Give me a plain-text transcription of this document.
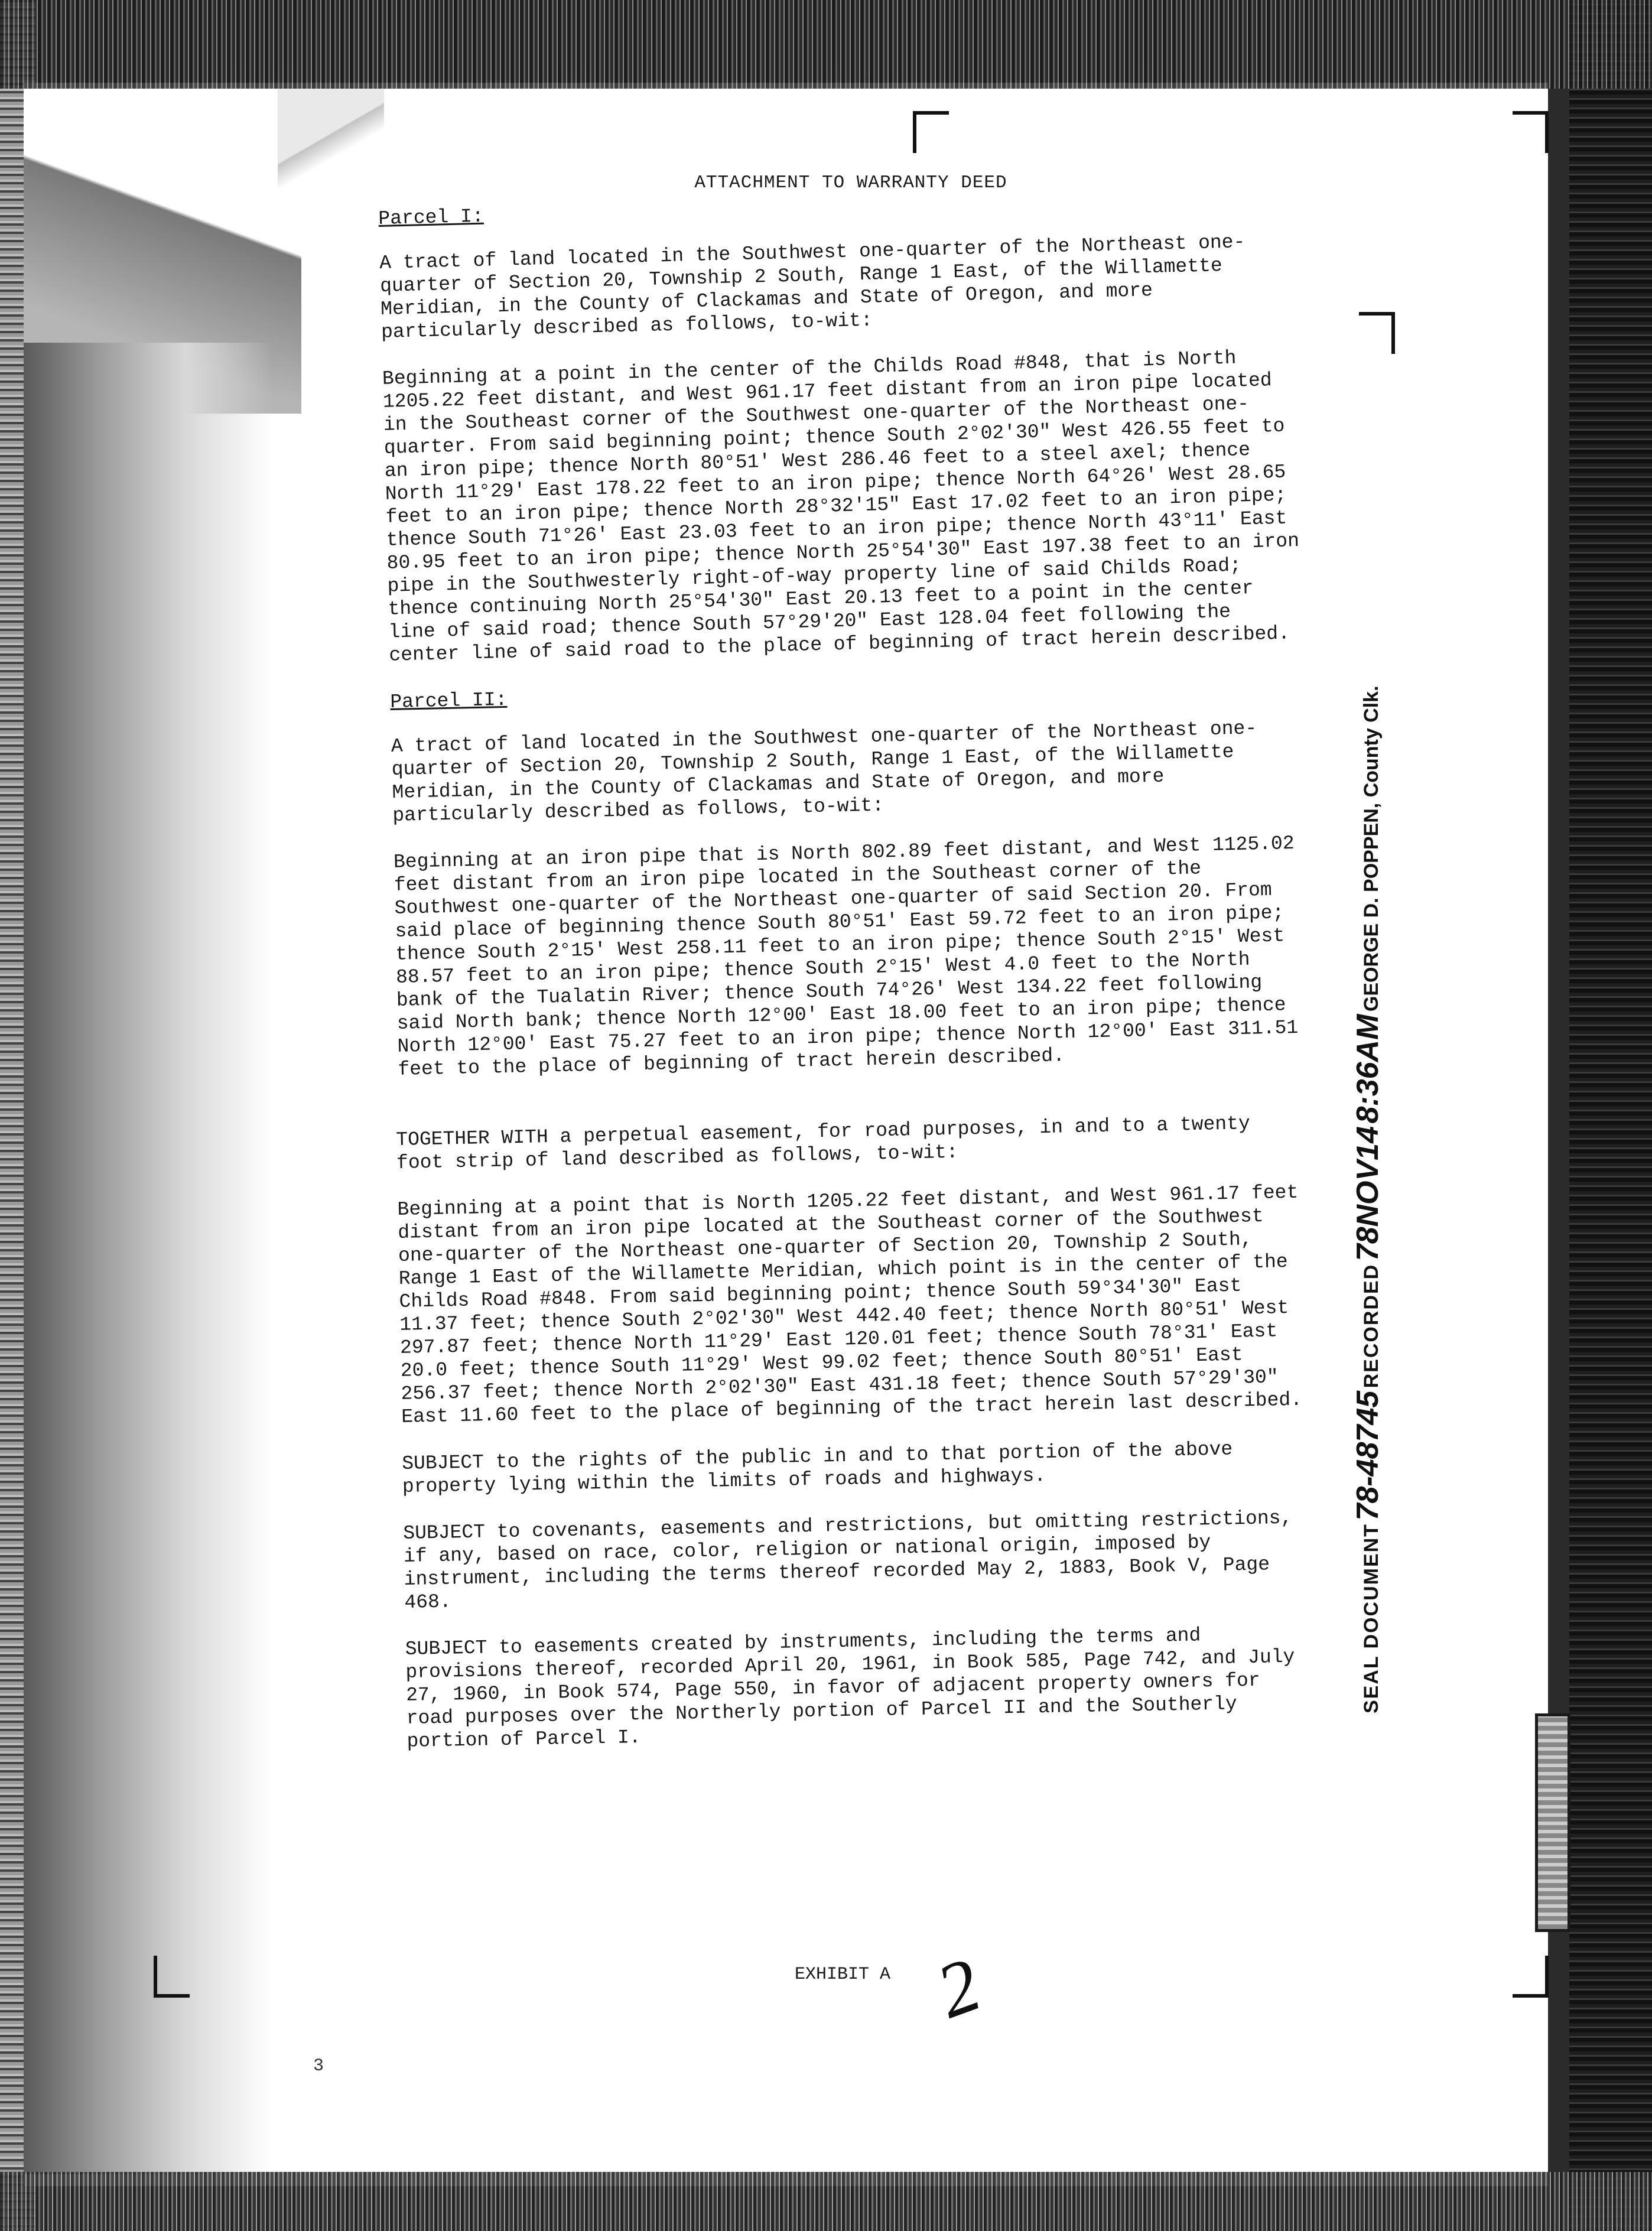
ATTACHMENT TO WARRANTY DEED
Parcel I:
A tract of land located in the Southwest one-quarter of the Northeast one-quarter of Section 20, Township 2 South, Range 1 East, of the Willamette Meridian, in the County of Clackamas and State of Oregon, and more particularly described as follows, to-wit:
Beginning at a point in the center of the Childs Road #848, that is North 1205.22 feet distant, and West 961.17 feet distant from an iron pipe located in the Southeast corner of the Southwest one-quarter of the Northeast one-quarter. From said beginning point; thence South 2°02'30" West 426.55 feet to an iron pipe; thence North 80°51' West 286.46 feet to a steel axel; thence North 11°29' East 178.22 feet to an iron pipe; thence North 64°26' West 28.65 feet to an iron pipe; thence North 28°32'15" East 17.02 feet to an iron pipe; thence South 71°26' East 23.03 feet to an iron pipe; thence North 43°11' East 80.95 feet to an iron pipe; thence North 25°54'30" East 197.38 feet to an iron pipe in the Southwesterly right-of-way property line of said Childs Road; thence continuing North 25°54'30" East 20.13 feet to a point in the center line of said road; thence South 57°29'20" East 128.04 feet following the center line of said road to the place of beginning of tract herein described.
Parcel II:
A tract of land located in the Southwest one-quarter of the Northeast one-quarter of Section 20, Township 2 South, Range 1 East, of the Willamette Meridian, in the County of Clackamas and State of Oregon, and more particularly described as follows, to-wit:
Beginning at an iron pipe that is North 802.89 feet distant, and West 1125.02 feet distant from an iron pipe located in the Southeast corner of the Southwest one-quarter of the Northeast one-quarter of said Section 20. From said place of beginning thence South 80°51' East 59.72 feet to an iron pipe; thence South 2°15' West 258.11 feet to an iron pipe; thence South 2°15' West 88.57 feet to an iron pipe; thence South 2°15' West 4.0 feet to the North bank of the Tualatin River; thence South 74°26' West 134.22 feet following said North bank; thence North 12°00' East 18.00 feet to an iron pipe; thence North 12°00' East 75.27 feet to an iron pipe; thence North 12°00' East 311.51 feet to the place of beginning of tract herein described.
TOGETHER WITH a perpetual easement, for road purposes, in and to a twenty foot strip of land described as follows, to-wit:
Beginning at a point that is North 1205.22 feet distant, and West 961.17 feet distant from an iron pipe located at the Southeast corner of the Southwest one-quarter of the Northeast one-quarter of Section 20, Township 2 South, Range 1 East of the Willamette Meridian, which point is in the center of the Childs Road #848. From said beginning point; thence South 59°34'30" East 11.37 feet; thence South 2°02'30" West 442.40 feet; thence North 80°51' West 297.87 feet; thence North 11°29' East 120.01 feet; thence South 78°31' East 20.0 feet; thence South 11°29' West 99.02 feet; thence South 80°51' East 256.37 feet; thence North 2°02'30" East 431.18 feet; thence South 57°29'30" East 11.60 feet to the place of beginning of the tract herein last described.
SUBJECT to the rights of the public in and to that portion of the above property lying within the limits of roads and highways.
SUBJECT to covenants, easements and restrictions, but omitting restrictions, if any, based on race, color, religion or national origin, imposed by instrument, including the terms thereof recorded May 2, 1883, Book V, Page 468.
SUBJECT to easements created by instruments, including the terms and provisions thereof, recorded April 20, 1961, in Book 585, Page 742, and July 27, 1960, in Book 574, Page 550, in favor of adjacent property owners for road purposes over the Northerly portion of Parcel II and the Southerly portion of Parcel I.
EXHIBIT A 2
3
SEAL DOCUMENT 78-48745 RECORDED 78NOV14 8:36AM GEORGE D. POPPEN, County Clk.
